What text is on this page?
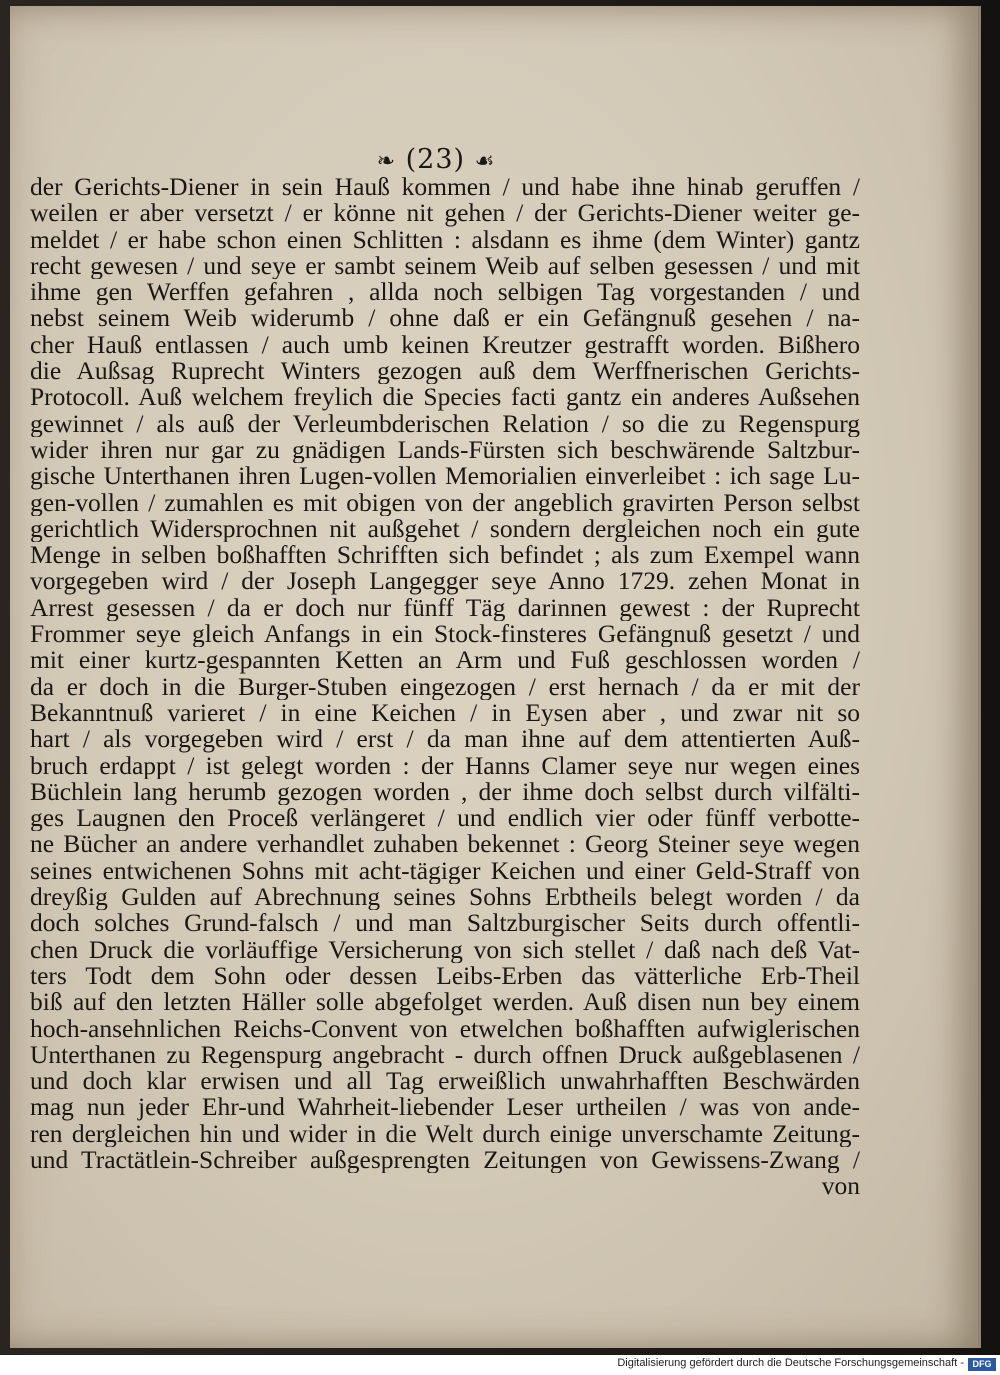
❧ (23) ☙
der Gerichts-Diener in sein Hauß kommen / und habe ihne hinab geruffen /
weilen er aber versetzt / er könne nit gehen / der Gerichts-Diener weiter ge-
meldet / er habe schon einen Schlitten : alsdann es ihme (dem Winter) gantz
recht gewesen / und seye er sambt seinem Weib auf selben gesessen / und mit
ihme gen Werffen gefahren , allda noch selbigen Tag vorgestanden / und
nebst seinem Weib widerumb / ohne daß er ein Gefängnuß gesehen / na-
cher Hauß entlassen / auch umb keinen Kreutzer gestrafft worden. Bißhero
die Außsag Ruprecht Winters gezogen auß dem Werffnerischen Gerichts-
Protocoll. Auß welchem freylich die Species facti gantz ein anderes Außsehen
gewinnet / als auß der Verleumbderischen Relation / so die zu Regenspurg
wider ihren nur gar zu gnädigen Lands-Fürsten sich beschwärende Saltzbur-
gische Unterthanen ihren Lugen-vollen Memorialien einverleibet : ich sage Lu-
gen-vollen / zumahlen es mit obigen von der angeblich gravirten Person selbst
gerichtlich Widersprochnen nit außgehet / sondern dergleichen noch ein gute
Menge in selben boßhafften Schrifften sich befindet ; als zum Exempel wann
vorgegeben wird / der Joseph Langegger seye Anno 1729. zehen Monat in
Arrest gesessen / da er doch nur fünff Täg darinnen gewest : der Ruprecht
Frommer seye gleich Anfangs in ein Stock-finsteres Gefängnuß gesetzt / und
mit einer kurtz-gespannten Ketten an Arm und Fuß geschlossen worden /
da er doch in die Burger-Stuben eingezogen / erst hernach / da er mit der
Bekanntnuß varieret / in eine Keichen / in Eysen aber , und zwar nit so
hart / als vorgegeben wird / erst / da man ihne auf dem attentierten Auß-
bruch erdappt / ist gelegt worden : der Hanns Clamer seye nur wegen eines
Büchlein lang herumb gezogen worden , der ihme doch selbst durch vilfälti-
ges Laugnen den Proceß verlängeret / und endlich vier oder fünff verbotte-
ne Bücher an andere verhandlet zuhaben bekennet : Georg Steiner seye wegen
seines entwichenen Sohns mit acht-tägiger Keichen und einer Geld-Straff von
dreyßig Gulden auf Abrechnung seines Sohns Erbtheils belegt worden / da
doch solches Grund-falsch / und man Saltzburgischer Seits durch offentli-
chen Druck die vorläuffige Versicherung von sich stellet / daß nach deß Vat-
ters Todt dem Sohn oder dessen Leibs-Erben das vätterliche Erb-Theil
biß auf den letzten Häller solle abgefolget werden. Auß disen nun bey einem
hoch-ansehnlichen Reichs-Convent von etwelchen boßhafften aufwiglerischen
Unterthanen zu Regenspurg angebracht - durch offnen Druck außgeblasenen /
und doch klar erwisen und all Tag erweißlich unwahrhafften Beschwärden
mag nun jeder Ehr-und Wahrheit-liebender Leser urtheilen / was von ande-
ren dergleichen hin und wider in die Welt durch einige unverschamte Zeitung-
und Tractätlein-Schreiber außgesprengten Zeitungen von Gewissens-Zwang /
von
Digitalisierung gefördert durch die Deutsche Forschungsgemeinschaft - DFG
